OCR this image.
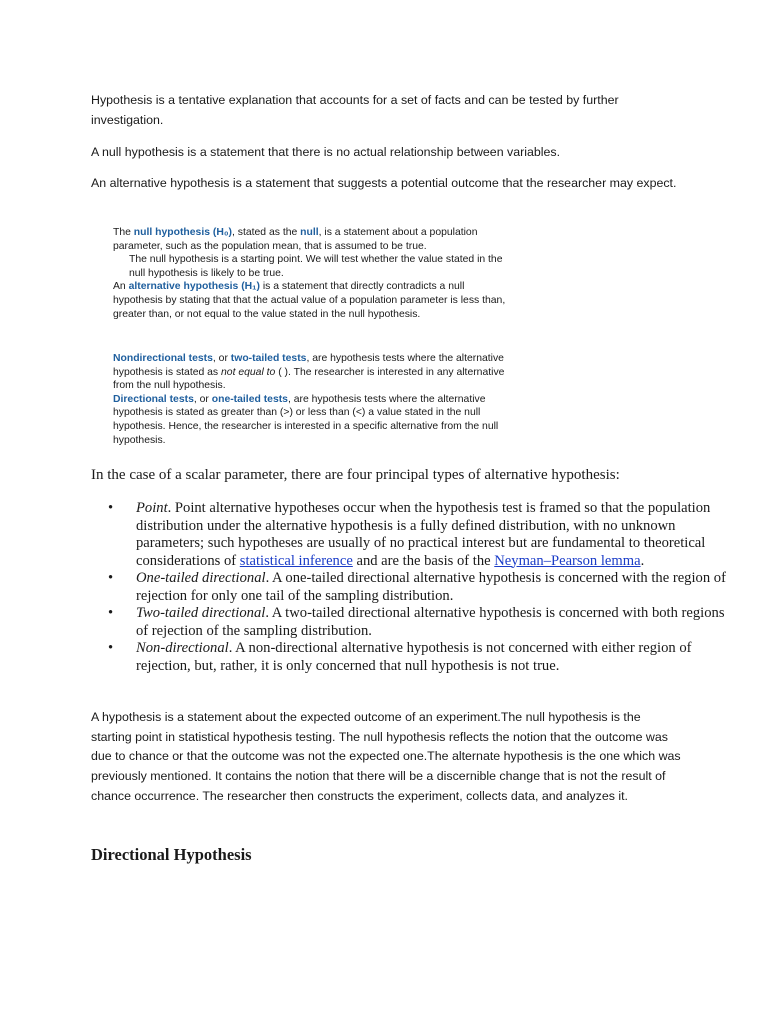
Hypothesis is a tentative explanation that accounts for a set of facts and can be tested by further investigation.

A null hypothesis is a statement that there is no actual relationship between variables.

An alternative hypothesis is a statement that suggests a potential outcome that the researcher may expect.

The null hypothesis (H₀), stated as the null, is a statement about a population parameter, such as the population mean, that is assumed to be true.

The null hypothesis is a starting point. We will test whether the value stated in the null hypothesis is likely to be true.

An alternative hypothesis (H₁) is a statement that directly contradicts a null hypothesis by stating that that the actual value of a population parameter is less than, greater than, or not equal to the value stated in the null hypothesis.

Nondirectional tests, or two-tailed tests, are hypothesis tests where the alternative hypothesis is stated as not equal to ( ). The researcher is interested in any alternative from the null hypothesis.

Directional tests, or one-tailed tests, are hypothesis tests where the alternative hypothesis is stated as greater than (>) or less than (<) a value stated in the null hypothesis. Hence, the researcher is interested in a specific alternative from the null hypothesis.

In the case of a scalar parameter, there are four principal types of alternative hypothesis:

• Point. Point alternative hypotheses occur when the hypothesis test is framed so that the population distribution under the alternative hypothesis is a fully defined distribution, with no unknown parameters; such hypotheses are usually of no practical interest but are fundamental to theoretical considerations of statistical inference and are the basis of the Neyman–Pearson lemma.
• One-tailed directional. A one-tailed directional alternative hypothesis is concerned with the region of rejection for only one tail of the sampling distribution.
• Two-tailed directional. A two-tailed directional alternative hypothesis is concerned with both regions of rejection of the sampling distribution.
• Non-directional. A non-directional alternative hypothesis is not concerned with either region of rejection, but, rather, it is only concerned that null hypothesis is not true.

A hypothesis is a statement about the expected outcome of an experiment.The null hypothesis is the starting point in statistical hypothesis testing. The null hypothesis reflects the notion that the outcome was due to chance or that the outcome was not the expected one.The alternate hypothesis is the one which was previously mentioned. It contains the notion that there will be a discernible change that is not the result of chance occurrence. The researcher then constructs the experiment, collects data, and analyzes it.

Directional Hypothesis
